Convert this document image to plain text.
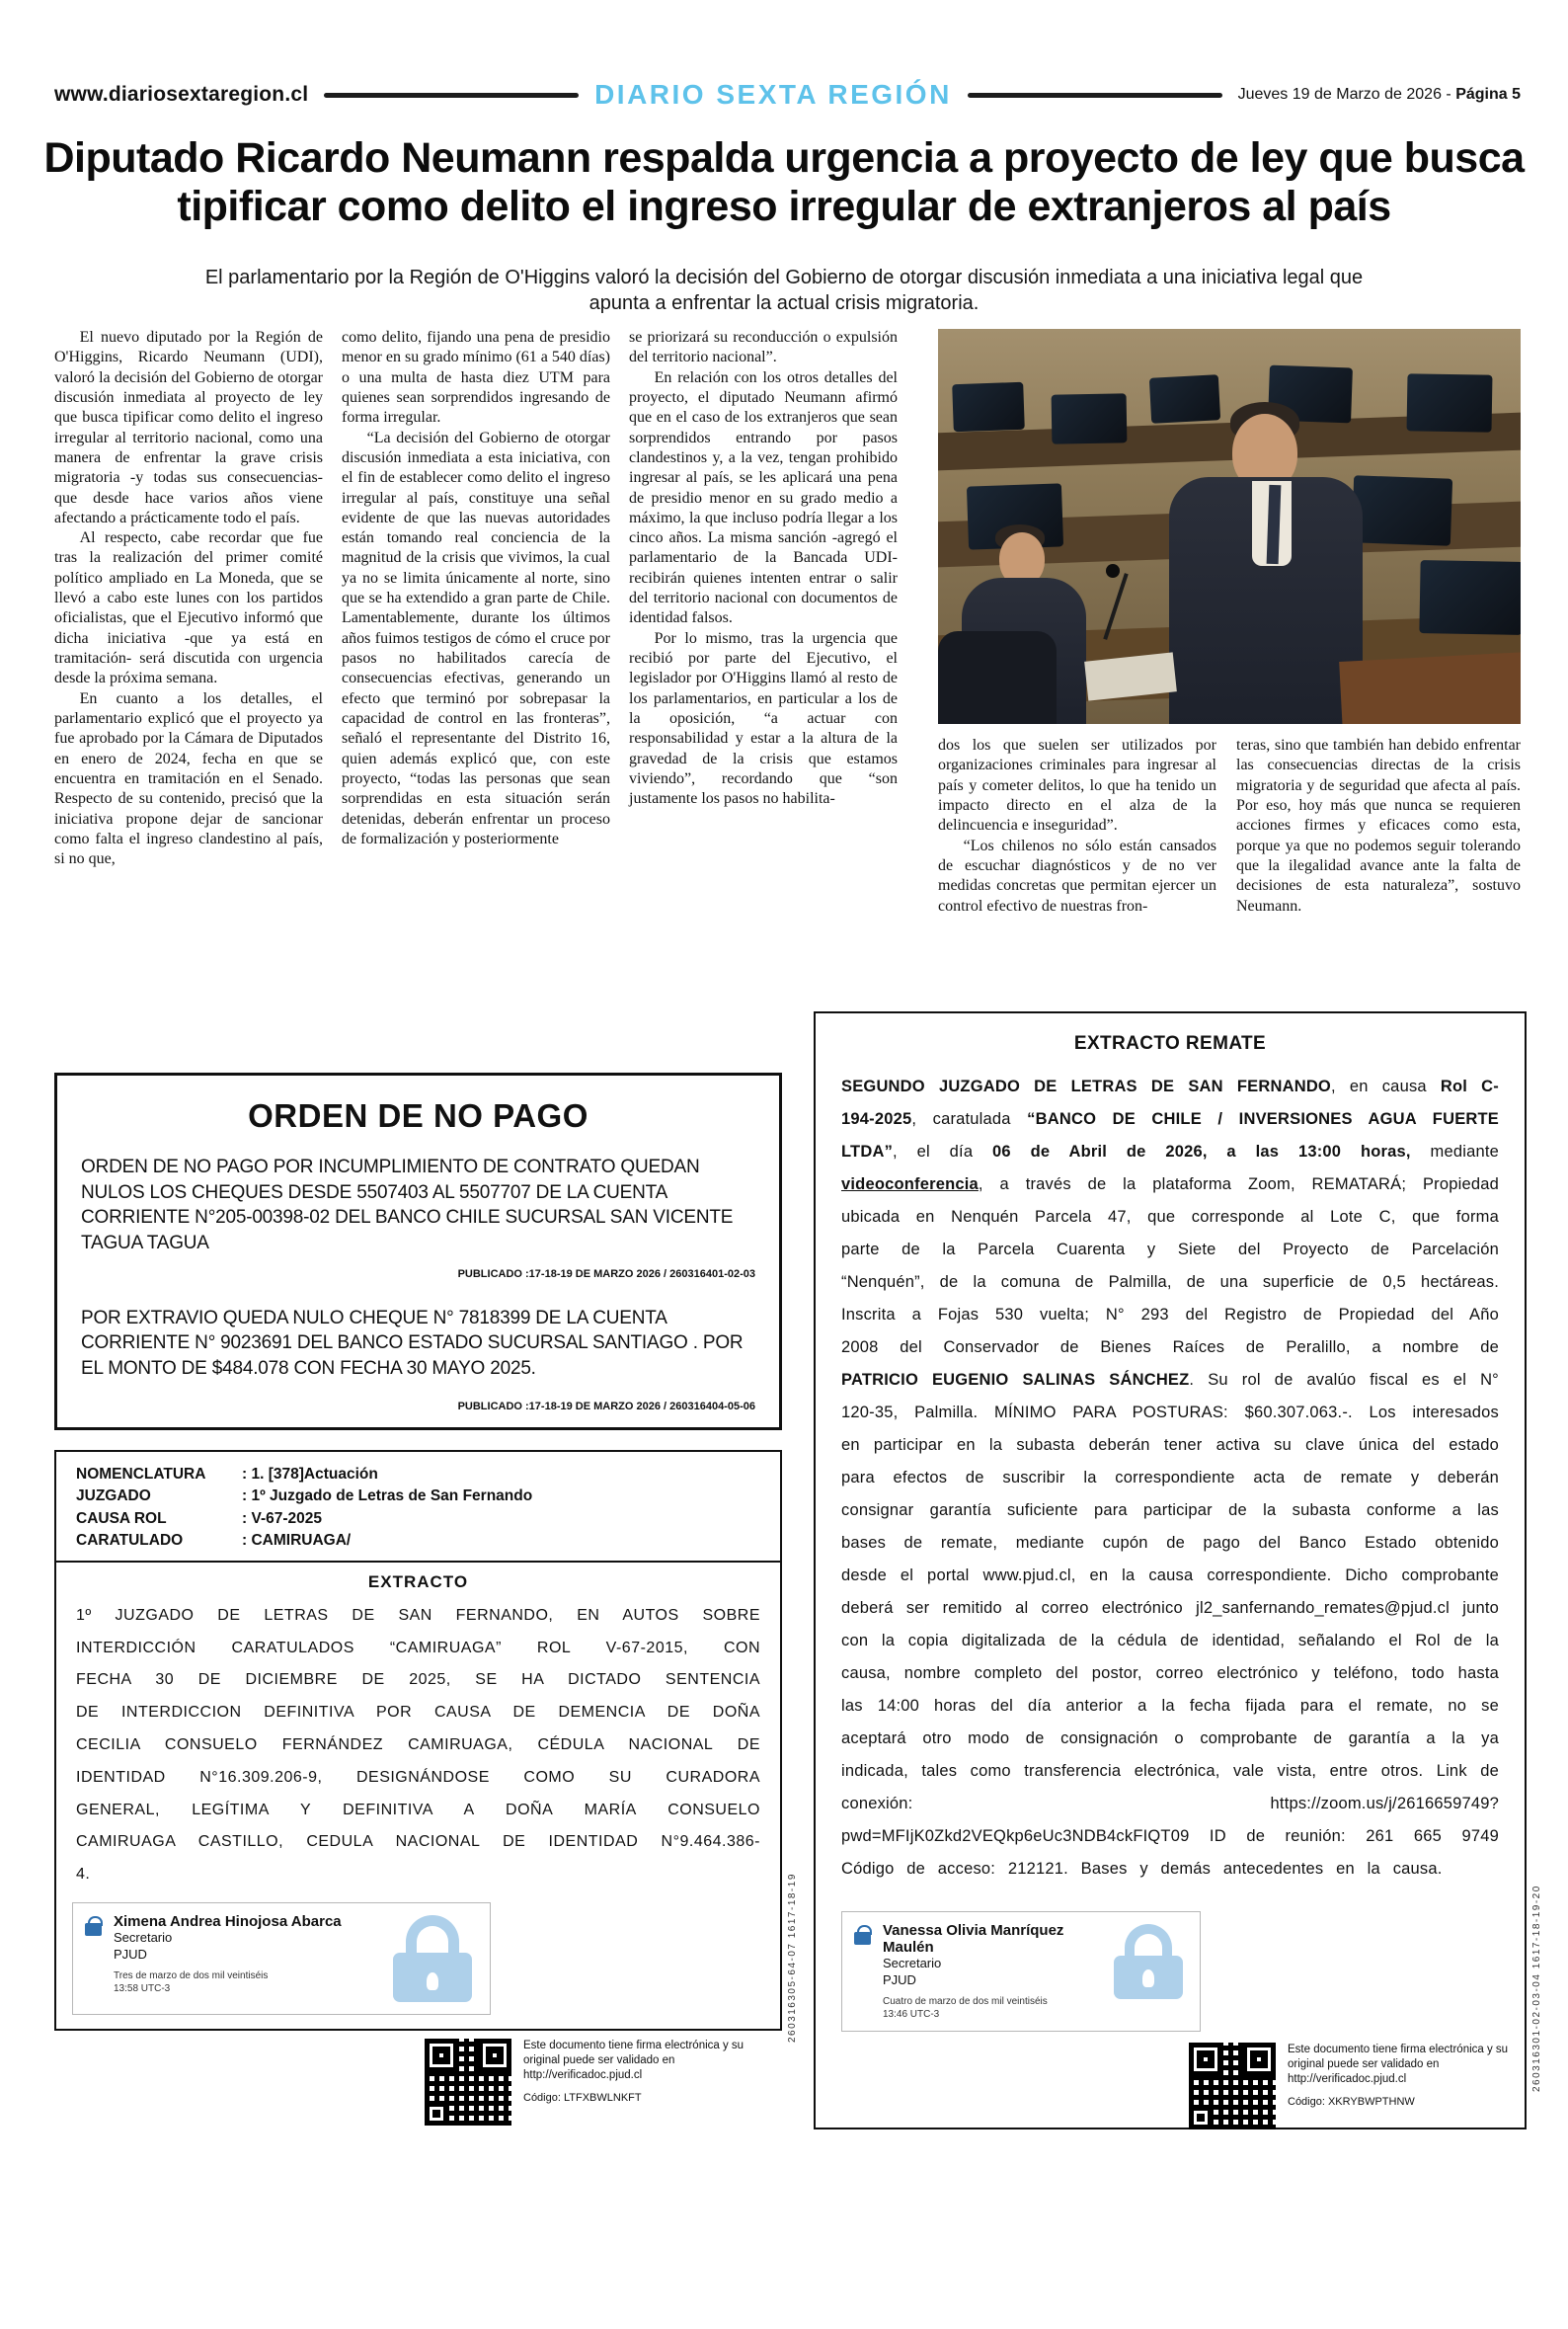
www.diariosextaregion.cl	DIARIO SEXTA REGIÓN	Jueves 19 de Marzo de 2026 - Página 5
Diputado Ricardo Neumann respalda urgencia a proyecto de ley que busca tipificar como delito el ingreso irregular de extranjeros al país
El parlamentario por la Región de O'Higgins valoró la decisión del Gobierno de otorgar discusión inmediata a una iniciativa legal que apunta a enfrentar la actual crisis migratoria.

El nuevo diputado por la Región de O'Higgins, Ricardo Neumann (UDI), valoró la decisión del Gobierno de otorgar discusión inmediata al proyecto de ley que busca tipificar como delito el ingreso irregular al territorio nacional, como una manera de enfrentar la grave crisis migratoria -y todas sus consecuencias- que desde hace varios años viene afectando a prácticamente todo el país.

Al respecto, cabe recordar que fue tras la realización del primer comité político ampliado en La Moneda, que se llevó a cabo este lunes con los partidos oficialistas, que el Ejecutivo informó que dicha iniciativa -que ya está en tramitación- será discutida con urgencia desde la próxima semana.

En cuanto a los detalles, el parlamentario explicó que el proyecto ya fue aprobado por la Cámara de Diputados en enero de 2024, fecha en que se encuentra en tramitación en el Senado. Respecto de su contenido, precisó que la iniciativa propone dejar de sancionar como falta el ingreso clandestino al país, si no que,

como delito, fijando una pena de presidio menor en su grado mínimo (61 a 540 días) o una multa de hasta diez UTM para quienes sean sorprendidos ingresando de forma irregular.

“La decisión del Gobierno de otorgar discusión inmediata a esta iniciativa, con el fin de establecer como delito el ingreso irregular al país, constituye una señal evidente de que las nuevas autoridades están tomando real conciencia de la magnitud de la crisis que vivimos, la cual ya no se limita únicamente al norte, sino que se ha extendido a gran parte de Chile. Lamentablemente, durante los últimos años fuimos testigos de cómo el cruce por pasos no habilitados carecía de consecuencias efectivas, generando un efecto que terminó por sobrepasar la capacidad de control en las fronteras”, señaló el representante del Distrito 16, quien además explicó que, con este proyecto, “todas las personas que sean sorprendidas en esta situación serán detenidas, deberán enfrentar un proceso de formalización y posteriormente

se priorizará su reconducción o expulsión del territorio nacional”.

En relación con los otros detalles del proyecto, el diputado Neumann afirmó que en el caso de los extranjeros que sean sorprendidos entrando por pasos clandestinos y, a la vez, tengan prohibido ingresar al país, se les aplicará una pena de presidio menor en su grado medio a máximo, la que incluso podría llegar a los cinco años. La misma sanción -agregó el parlamentario de la Bancada UDI- recibirán quienes intenten entrar o salir del territorio nacional con documentos de identidad falsos.

Por lo mismo, tras la urgencia que recibió por parte del Ejecutivo, el legislador por O'Higgins llamó al resto de los parlamentarios, en particular a los de la oposición, “a actuar con responsabilidad y estar a la altura de la gravedad de la crisis que estamos viviendo”, recordando que “son justamente los pasos no habilita-

dos los que suelen ser utilizados por organizaciones criminales para ingresar al país y cometer delitos, lo que ha tenido un impacto directo en el alza de la delincuencia e inseguridad”.

“Los chilenos no sólo están cansados de escuchar diagnósticos y de no ver medidas concretas que permitan ejercer un control efectivo de nuestras fron-

teras, sino que también han debido enfrentar las consecuencias directas de la crisis migratoria y de seguridad que afecta al país. Por eso, hoy más que nunca se requieren acciones firmes y eficaces como esta, porque ya que no podemos seguir tolerando que la ilegalidad avance ante la falta de decisiones de esta naturaleza”, sostuvo Neumann.

ORDEN DE NO PAGO

ORDEN DE NO PAGO POR INCUMPLIMIENTO DE CONTRATO QUEDAN NULOS LOS CHEQUES DESDE 5507403 AL 5507707 DE LA CUENTA CORRIENTE N°205-00398-02 DEL BANCO CHILE SUCURSAL SAN VICENTE TAGUA TAGUA

PUBLICADO :17-18-19 DE MARZO 2026 / 260316401-02-03

POR EXTRAVIO QUEDA NULO CHEQUE N° 7818399 DE LA CUENTA CORRIENTE N° 9023691 DEL BANCO ESTADO SUCURSAL SANTIAGO . POR EL MONTO DE $484.078 CON FECHA 30 MAYO 2025.

PUBLICADO :17-18-19 DE MARZO 2026 / 260316404-05-06

NOMENCLATURA	: 1. [378]Actuación
JUZGADO	: 1º Juzgado de Letras de San Fernando
CAUSA ROL	: V-67-2025
CARATULADO	: CAMIRUAGA/
EXTRACTO

1º JUZGADO DE LETRAS DE SAN FERNANDO, EN AUTOS SOBRE INTERDICCIÓN CARATULADOS “CAMIRUAGA” ROL V-67-2015, CON FECHA 30 DE DICIEMBRE DE 2025, SE HA DICTADO SENTENCIA DE INTERDICCION DEFINITIVA POR CAUSA DE DEMENCIA DE DOÑA CECILIA CONSUELO FERNÁNDEZ CAMIRUAGA, CÉDULA NACIONAL DE IDENTIDAD N°16.309.206-9, DESIGNÁNDOSE COMO SU CURADORA GENERAL, LEGÍTIMA Y DEFINITIVA A DOÑA MARÍA CONSUELO CAMIRUAGA CASTILLO, CEDULA NACIONAL DE IDENTIDAD N°9.464.386-4.

Ximena Andrea Hinojosa Abarca
Secretario
PJUD
Tres de marzo de dos mil veintiséis
13:58 UTC-3
EXTRACTO REMATE

SEGUNDO JUZGADO DE LETRAS DE SAN FERNANDO, en causa Rol C-194-2025, caratulada “BANCO DE CHILE / INVERSIONES AGUA FUERTE LTDA”, el día 06 de Abril de 2026, a las 13:00 horas, mediante videoconferencia, a través de la plataforma Zoom, REMATARÁ; Propiedad ubicada en Nenquén Parcela 47, que corresponde al Lote C, que forma parte de la Parcela Cuarenta y Siete del Proyecto de Parcelación “Nenquén”, de la comuna de Palmilla, de una superficie de 0,5 hectáreas. Inscrita a Fojas 530 vuelta; N° 293 del Registro de Propiedad del Año 2008 del Conservador de Bienes Raíces de Peralillo, a nombre de PATRICIO EUGENIO SALINAS SÁNCHEZ. Su rol de avalúo fiscal es el N° 120-35, Palmilla. MÍNIMO PARA POSTURAS: $60.307.063.-. Los interesados en participar en la subasta deberán tener activa su clave única del estado para efectos de suscribir la correspondiente acta de remate y deberán consignar garantía suficiente para participar de la subasta conforme a las bases de remate, mediante cupón de pago del Banco Estado obtenido desde el portal www.pjud.cl, en la causa correspondiente. Dicho comprobante deberá ser remitido al correo electrónico jl2_sanfernando_remates@pjud.cl junto con la copia digitalizada de la cédula de identidad, señalando el Rol de la causa, nombre completo del postor, correo electrónico y teléfono, todo hasta las 14:00 horas del día anterior a la fecha fijada para el remate, no se aceptará otro modo de consignación o comprobante de garantía a la ya indicada, tales como transferencia electrónica, vale vista, entre otros. Link de conexión: https://zoom.us/j/2616659749?pwd=MFIjK0Zkd2VEQkp6eUc3NDB4ckFIQT09 ID de reunión: 261 665 9749 Código de acceso: 212121. Bases y demás antecedentes en la causa.

Vanessa Olivia Manríquez Maulén
Secretario
PJUD
Cuatro de marzo de dos mil veintiséis
13:46 UTC-3
Este documento tiene firma electrónica y su original puede ser validado en http://verificadoc.pjud.cl
Código: LTFXBWLNKFT
Este documento tiene firma electrónica y su original puede ser validado en http://verificadoc.pjud.cl
Código: XKRYBWPTHNW
260316305-64-07 1617-18-19	260316301-02-03-04 1617-18-19-20
